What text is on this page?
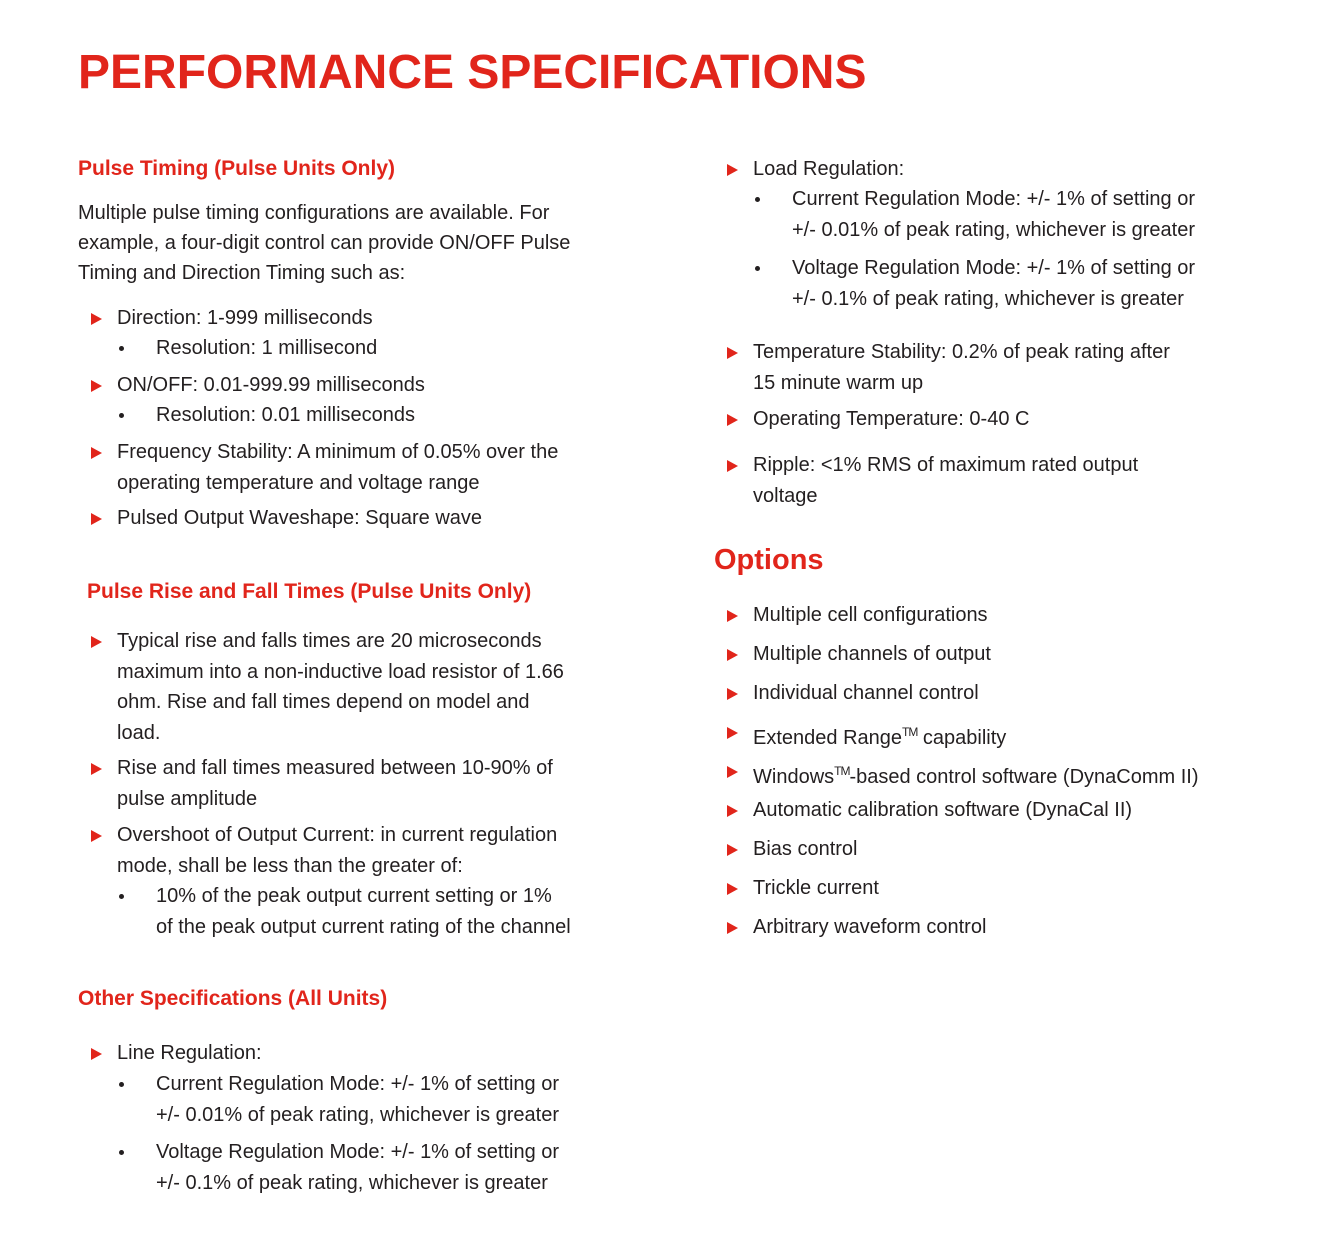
PERFORMANCE SPECIFICATIONS
Pulse Timing (Pulse Units Only)
Multiple pulse timing configurations are available. For
example, a four-digit control can provide ON/OFF Pulse
Timing and Direction Timing such as:
Direction: 1-999 milliseconds
Resolution: 1 millisecond
ON/OFF: 0.01-999.99 milliseconds
Resolution: 0.01 milliseconds
Frequency Stability: A minimum of 0.05% over the
operating temperature and voltage range
Pulsed Output Waveshape: Square wave
Pulse Rise and Fall Times (Pulse Units Only)
Typical rise and falls times are 20 microseconds
maximum into a non-inductive load resistor of 1.66
ohm. Rise and fall times depend on model and
load.
Rise and fall times measured between 10-90% of
pulse amplitude
Overshoot of Output Current: in current regulation
mode, shall be less than the greater of:
10% of the peak output current setting or 1%
of the peak output current rating of the channel
Other Specifications (All Units)
Line Regulation:
Current Regulation Mode: +/- 1% of setting or
+/- 0.01% of peak rating, whichever is greater
Voltage Regulation Mode: +/- 1% of setting or
+/- 0.1% of peak rating, whichever is greater
Load Regulation:
Current Regulation Mode: +/- 1% of setting or
+/- 0.01% of peak rating, whichever is greater
Voltage Regulation Mode: +/- 1% of setting or
+/- 0.1% of peak rating, whichever is greater
Temperature Stability: 0.2% of peak rating after
15 minute warm up
Operating Temperature: 0-40 C
Ripple: <1% RMS of maximum rated output
voltage
Options
Multiple cell configurations
Multiple channels of output
Individual channel control
Extended Range™ capability
Windows™-based control software (DynaComm II)
Automatic calibration software (DynaCal II)
Bias control
Trickle current
Arbitrary waveform control
